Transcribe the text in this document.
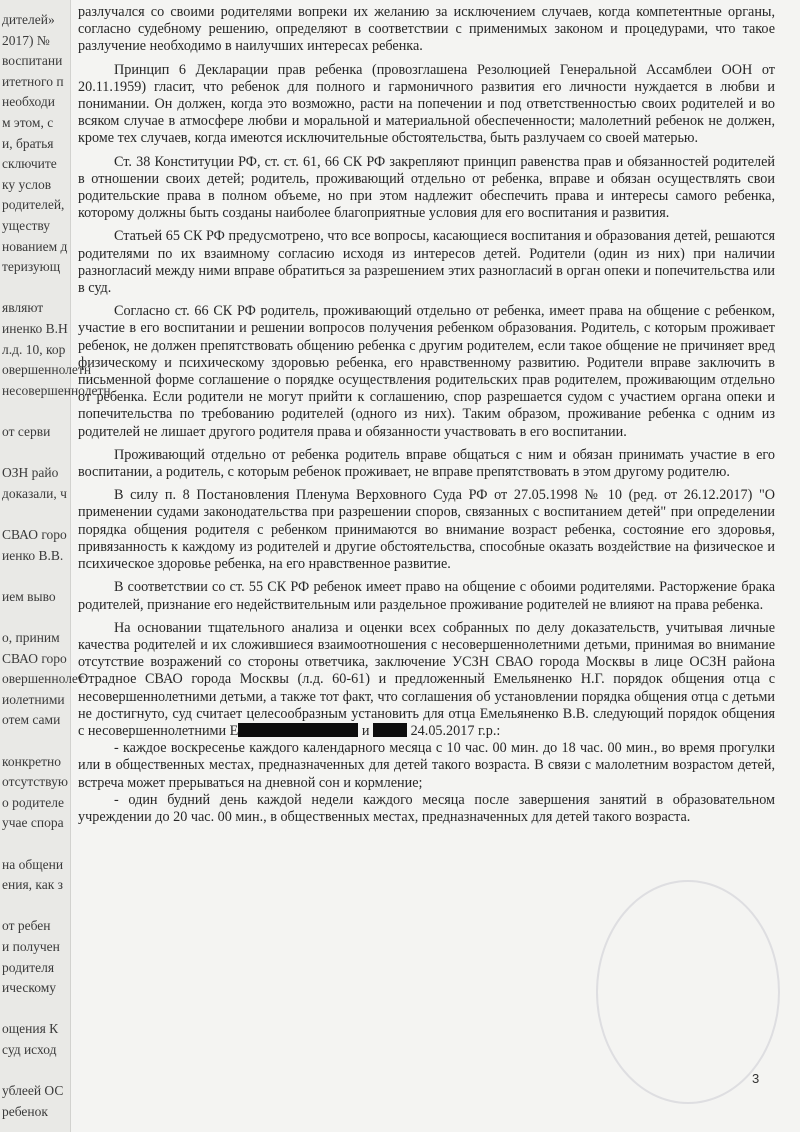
дителей»
2017) №
воспитани
итетного п
необходи
м этом, с
и, братья
сключите
ку услов
родителей,
уществу
нованием д
теризующ
являют
иненко В.Н
л.д. 10, кор
овершеннолетн
несовершеннолетн
от серви
ОЗН райо
доказали, ч
СВАО горо
иенко В.В.
ием выво
о, приним
СВАО горо
овершеннолет
иолетними
отем сами
конкретно
отсутствую
о родителе
учае спора
на общени
ения, как з
от ребен
и получен
родителя
ическому
ощения К
суд исход
ублеей ОС
ребенок

разлучался со своими родителями вопреки их желанию за исключением случаев, когда компетентные органы, согласно судебному решению, определяют в соответствии с применимых законом и процедурами, что такое разлучение необходимо в наилучших интересах ребенка.

Принцип 6 Декларации прав ребенка (провозглашена Резолюцией Генеральной Ассамблеи ООН от 20.11.1959) гласит, что ребенок для полного и гармоничного развития его личности нуждается в любви и понимании. Он должен, когда это возможно, расти на попечении и под ответственностью своих родителей и во всяком случае в атмосфере любви и моральной и материальной обеспеченности; малолетний ребенок не должен, кроме тех случаев, когда имеются исключительные обстоятельства, быть разлучаем со своей матерью.

Ст. 38 Конституции РФ, ст. ст. 61, 66 СК РФ закрепляют принцип равенства прав и обязанностей родителей в отношении своих детей; родитель, проживающий отдельно от ребенка, вправе и обязан осуществлять свои родительские права в полном объеме, но при этом надлежит обеспечить права и интересы самого ребенка, которому должны быть созданы наиболее благоприятные условия для его воспитания и развития.

Статьей 65 СК РФ предусмотрено, что все вопросы, касающиеся воспитания и образования детей, решаются родителями по их взаимному согласию исходя из интересов детей. Родители (один из них) при наличии разногласий между ними вправе обратиться за разрешением этих разногласий в орган опеки и попечительства или в суд.

Согласно ст. 66 СК РФ родитель, проживающий отдельно от ребенка, имеет права на общение с ребенком, участие в его воспитании и решении вопросов получения ребенком образования. Родитель, с которым проживает ребенок, не должен препятствовать общению ребенка с другим родителем, если такое общение не причиняет вред физическому и психическому здоровью ребенка, его нравственному развитию. Родители вправе заключить в письменной форме соглашение о порядке осуществления родительских прав родителем, проживающим отдельно от ребенка. Если родители не могут прийти к соглашению, спор разрешается судом с участием органа опеки и попечительства по требованию родителей (одного из них). Таким образом, проживание ребенка с одним из родителей не лишает другого родителя права и обязанности участвовать в его воспитании.

Проживающий отдельно от ребенка родитель вправе общаться с ним и обязан принимать участие в его воспитании, а родитель, с которым ребенок проживает, не вправе препятствовать в этом другому родителю.

В силу п. 8 Постановления Пленума Верховного Суда РФ от 27.05.1998 № 10 (ред. от 26.12.2017) "О применении судами законодательства при разрешении споров, связанных с воспитанием детей" при определении порядка общения родителя с ребенком принимаются во внимание возраст ребенка, состояние его здоровья, привязанность к каждому из родителей и другие обстоятельства, способные оказать воздействие на физическое и психическое здоровье ребенка, на его нравственное развитие.

В соответствии со ст. 55 СК РФ ребенок имеет право на общение с обоими родителями. Расторжение брака родителей, признание его недействительным или раздельное проживание родителей не влияют на права ребенка.

На основании тщательного анализа и оценки всех собранных по делу доказательств, учитывая личные качества родителей и их сложившиеся взаимоотношения с несовершеннолетними детьми, принимая во внимание отсутствие возражений со стороны ответчика, заключение УСЗН СВАО города Москвы в лице ОСЗН района Отрадное СВАО города Москвы (л.д. 60-61) и предложенный Емельяненко Н.Г. порядок общения отца с несовершеннолетними детьми, а также тот факт, что соглашения об установлении порядка общения отца с детьми не достигнуто, суд считает целесообразным установить для отца Емельяненко В.В. следующий порядок общения с несовершеннолетними Е	и  24.05.2017 г.р.:

- каждое воскресенье каждого календарного месяца с 10 час. 00 мин. до 18 час. 00 мин., во время прогулки или в общественных местах, предназначенных для детей такого возраста. В связи с малолетним возрастом детей, встреча может прерываться на дневной сон и кормление;

- один будний день каждой недели каждого месяца после завершения занятий в образовательном учреждении до 20 час. 00 мин., в общественных местах, предназначенных для детей такого возраста.

3
